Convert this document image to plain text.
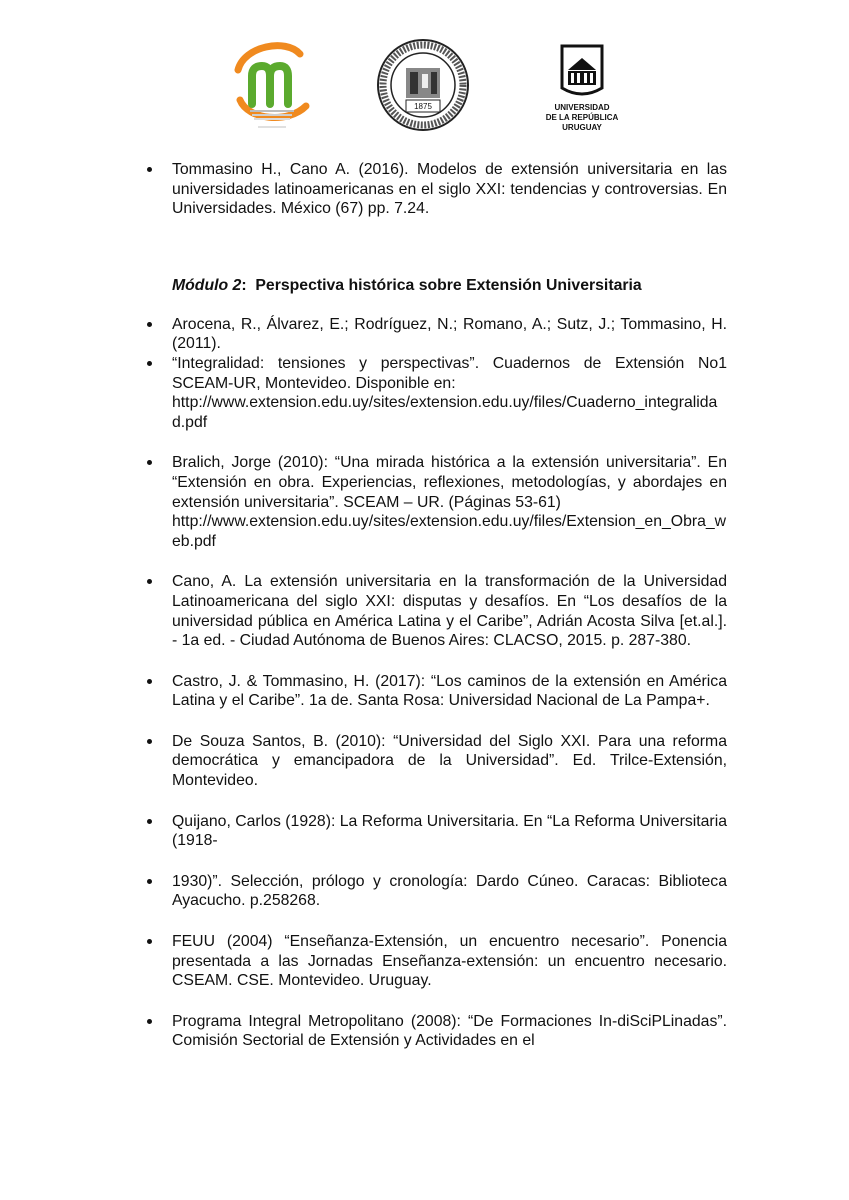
1875	UNIVERSIDAD
DE LA REPÚBLICA
URUGUAY
Tommasino H., Cano A. (2016). Modelos de extensión universitaria en las universidades latinoamericanas en el siglo XXI: tendencias y controversias. En Universidades. México (67) pp. 7.24.
Módulo 2: Perspectiva histórica sobre Extensión Universitaria
Arocena, R., Álvarez, E.; Rodríguez, N.; Romano, A.; Sutz, J.; Tommasino, H. (2011).
“Integralidad: tensiones y perspectivas”. Cuadernos de Extensión No1 SCEAM-UR, Montevideo. Disponible en:
http://www.extension.edu.uy/sites/extension.edu.uy/files/Cuaderno_integralidad.pdf
Bralich, Jorge (2010): “Una mirada histórica a la extensión universitaria”. En “Extensión en obra. Experiencias, reflexiones, metodologías, y abordajes en extensión universitaria”. SCEAM – UR. (Páginas 53-61)
http://www.extension.edu.uy/sites/extension.edu.uy/files/Extension_en_Obra_web.pdf
Cano, A. La extensión universitaria en la transformación de la Universidad Latinoamericana del siglo XXI: disputas y desafíos. En “Los desafíos de la universidad pública en América Latina y el Caribe”, Adrián Acosta Silva [et.al.]. - 1a ed. - Ciudad Autónoma de Buenos Aires: CLACSO, 2015. p. 287-380.
Castro, J. & Tommasino, H. (2017): “Los caminos de la extensión en América Latina y el Caribe”. 1a de. Santa Rosa: Universidad Nacional de La Pampa+.
De Souza Santos, B. (2010): “Universidad del Siglo XXI. Para una reforma democrática y emancipadora de la Universidad”. Ed. Trilce-Extensión, Montevideo.
Quijano, Carlos (1928): La Reforma Universitaria. En “La Reforma Universitaria (1918-
1930)”. Selección, prólogo y cronología: Dardo Cúneo. Caracas: Biblioteca Ayacucho. p.258268.
FEUU (2004) “Enseñanza-Extensión, un encuentro necesario”. Ponencia presentada a las Jornadas Enseñanza-extensión: un encuentro necesario. CSEAM. CSE. Montevideo. Uruguay.
Programa Integral Metropolitano (2008): “De Formaciones In-diSciPLinadas”. Comisión Sectorial de Extensión y Actividades en el
